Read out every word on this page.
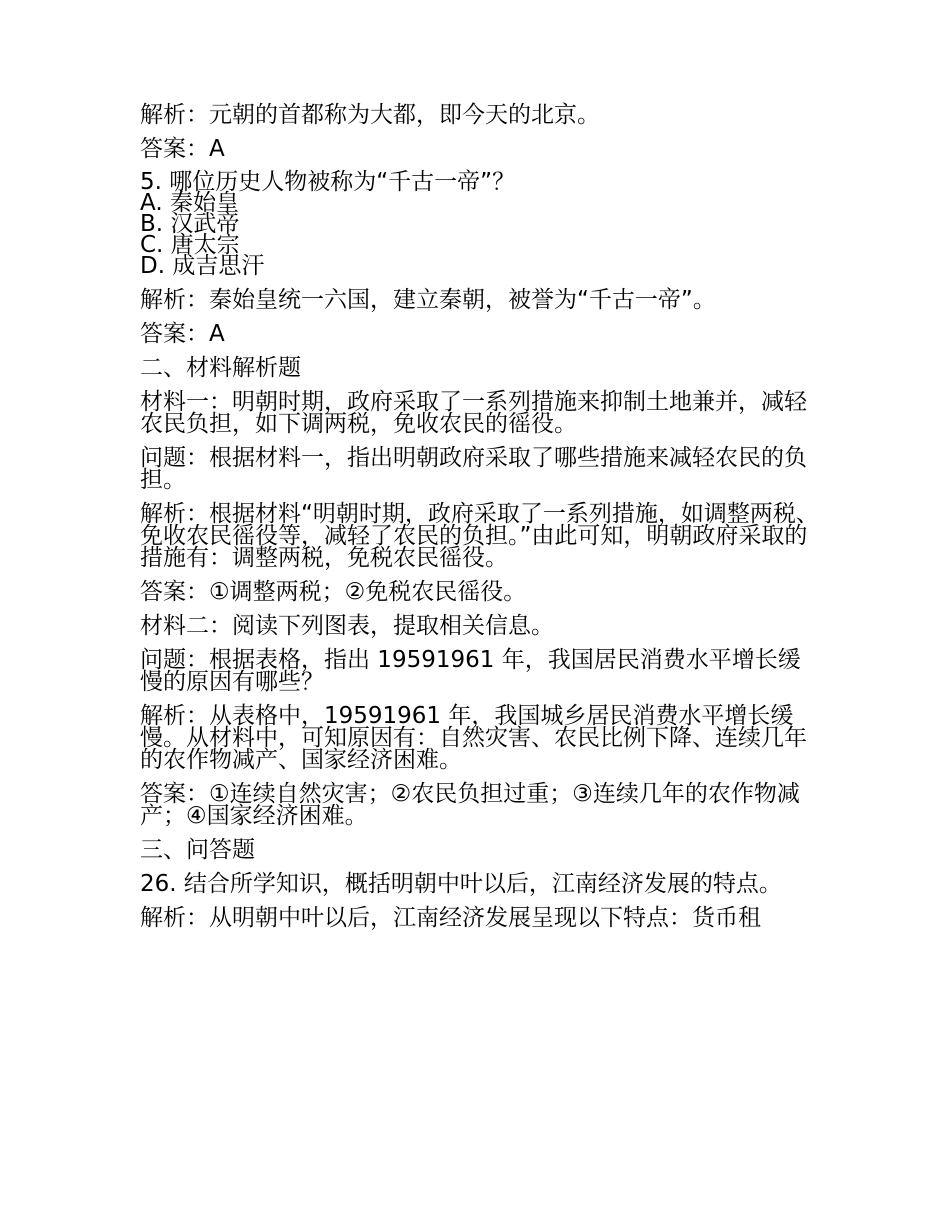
解析：元朝的首都称为大都，即今天的北京。

答案：A

5. 哪位历史人物被称为“千古一帝”？
A. 秦始皇
B. 汉武帝
C. 唐太宗
D. 成吉思汗

解析：秦始皇统一六国，建立秦朝，被誉为“千古一帝”。

答案：A

二、材料解析题

材料一：明朝时期，政府采取了一系列措施来抑制土地兼并，减轻农民负担，如下调两税，免收农民的徭役。

问题：根据材料一，指出明朝政府采取了哪些措施来减轻农民的负担。

解析：根据材料“明朝时期，政府采取了一系列措施，如调整两税、免收农民徭役等，减轻了农民的负担。”由此可知，明朝政府采取的措施有：调整两税，免税农民徭役。

答案：①调整两税；②免税农民徭役。

材料二：阅读下列图表，提取相关信息。

问题：根据表格，指出 19591961 年，我国居民消费水平增长缓慢的原因有哪些？

解析：从表格中，19591961 年，我国城乡居民消费水平增长缓慢。从材料中，可知原因有：自然灾害、农民比例下降、连续几年的农作物减产、国家经济困难。

答案：①连续自然灾害；②农民负担过重；③连续几年的农作物减产；④国家经济困难。

三、问答题

26. 结合所学知识，概括明朝中叶以后，江南经济发展的特点。

解析：从明朝中叶以后，江南经济发展呈现以下特点：货币租
